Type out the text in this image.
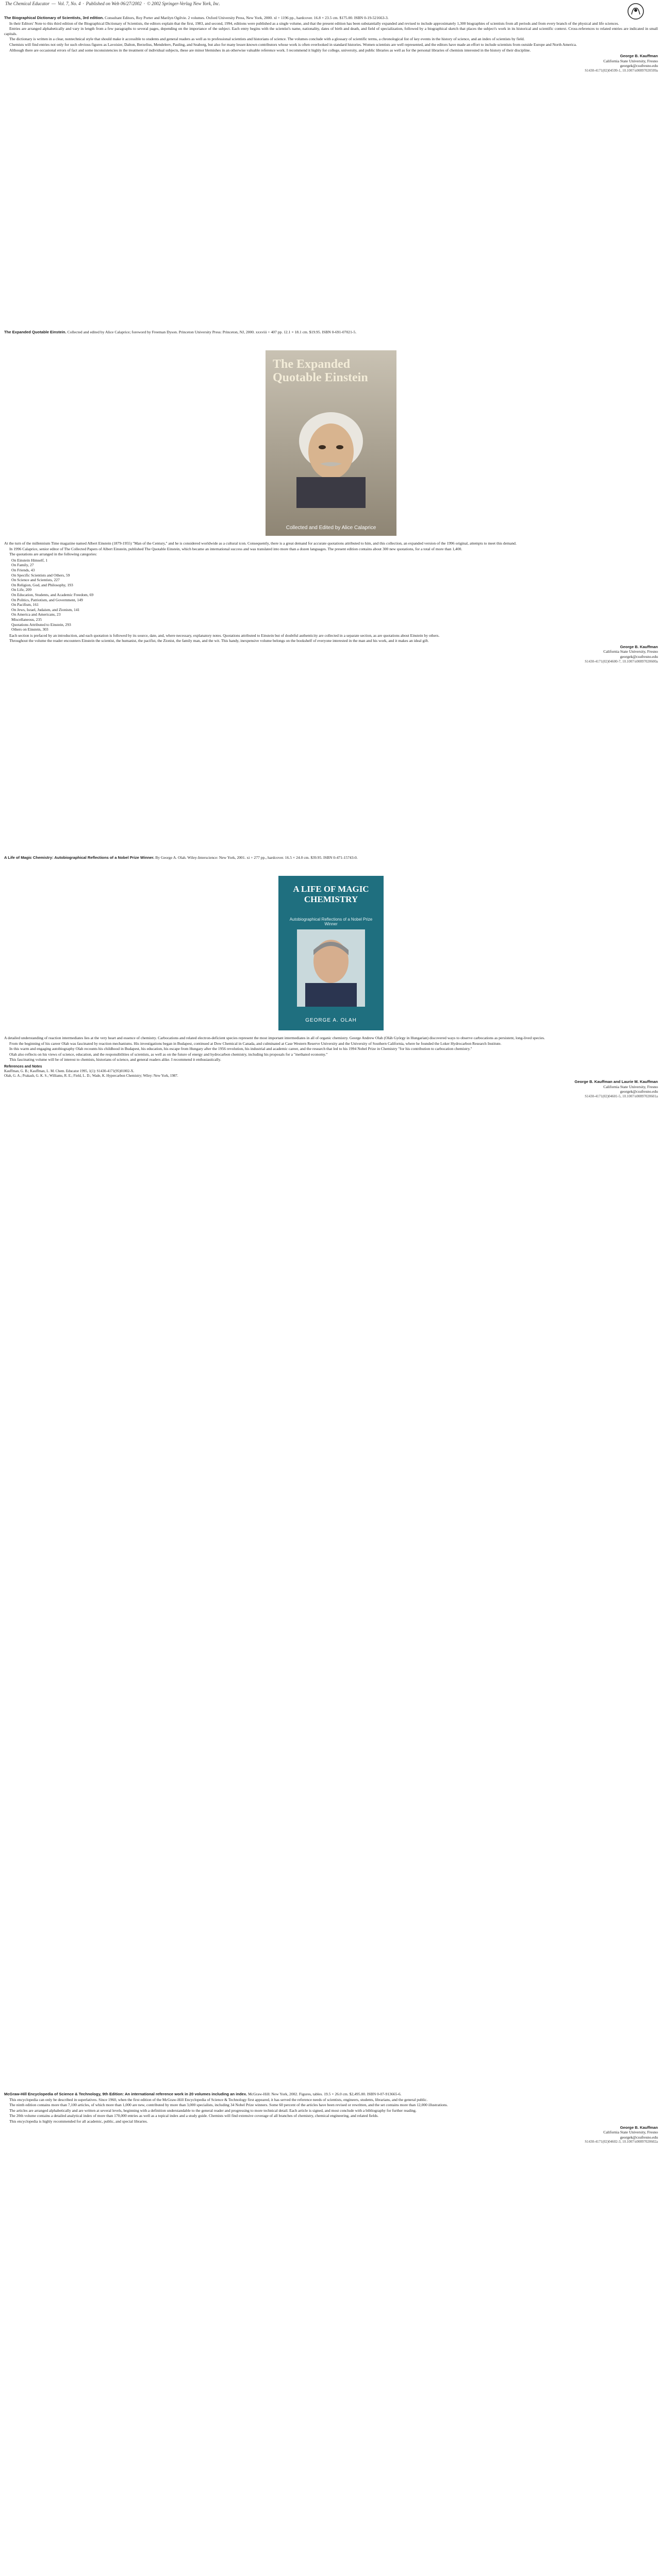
The Chemical Educator — Vol. 7, No. 4 · Published on Web 06/27/2002 · © 2002 Springer-Verlag New York, Inc.

The Biographical Dictionary of Scientists, 3rd edition. Consultant Editors, Roy Porter and Marilyn Ogilvie. 2 volumes. Oxford University Press, New York, 2000. xl + 1196 pp., hardcover. 16.8 × 23.5 cm. $175.00. ISBN 0-19-521663-3.

In their Editors' Note to this third edition of the Biographical Dictionary of Scientists, the editors explain that the first, 1983, and second, 1994, editions were published as a single volume, and that the present edition has been substantially expanded and revised to include approximately 1,300 biographies of scientists from all periods and from every branch of the physical and life sciences.

Entries are arranged alphabetically and vary in length from a few paragraphs to several pages, depending on the importance of the subject. Each entry begins with the scientist's name, nationality, dates of birth and death, and field of specialization, followed by a biographical sketch that places the subject's work in its historical and scientific context. Cross-references to related entries are indicated in small capitals.

The dictionary is written in a clear, nontechnical style that should make it accessible to students and general readers as well as to professional scientists and historians of science. The volumes conclude with a glossary of scientific terms, a chronological list of key events in the history of science, and an index of scientists by field.

Chemists will find entries not only for such obvious figures as Lavoisier, Dalton, Berzelius, Mendeleev, Pauling, and Seaborg, but also for many lesser-known contributors whose work is often overlooked in standard histories. Women scientists are well represented, and the editors have made an effort to include scientists from outside Europe and North America.

Although there are occasional errors of fact and some inconsistencies in the treatment of individual subjects, these are minor blemishes in an otherwise valuable reference work. I recommend it highly for college, university, and public libraries as well as for the personal libraries of chemists interested in the history of their discipline.

George B. Kauffman
California State University, Fresno
georgek@csufresno.edu
S1430-4171(02)04599-1, 10.1007/s00897020599a

The Expanded Quotable Einstein. Collected and edited by Alice Calaprice; foreword by Freeman Dyson. Princeton University Press: Princeton, NJ, 2000. xxxviii + 407 pp. 12.1 × 18.1 cm. $19.95. ISBN 0-691-07021-5.

The Expanded Quotable Einstein
Collected and Edited by Alice Calaprice

At the turn of the millennium Time magazine named Albert Einstein (1879-1955) "Man of the Century," and he is considered worldwide as a cultural icon. Consequently, there is a great demand for accurate quotations attributed to him, and this collection, an expanded version of the 1996 original, attempts to meet this demand.

In 1996 Calaprice, senior editor of The Collected Papers of Albert Einstein, published The Quotable Einstein, which became an international success and was translated into more than a dozen languages. The present edition contains about 300 new quotations, for a total of more than 1,400.

The quotations are arranged in the following categories:

On Einstein Himself, 1
On Family, 27
On Friends, 43
On Specific Scientists and Others, 59
On Science and Scientists, 227
On Religion, God, and Philosophy, 193
On Life, 209
On Education, Students, and Academic Freedom, 69
On Politics, Patriotism, and Government, 149
On Pacifism, 161
On Jews, Israel, Judaism, and Zionism, 141
On America and Americans, 23
Miscellaneous, 235
Quotations Attributed to Einstein, 293
Others on Einstein, 303

Each section is prefaced by an introduction, and each quotation is followed by its source, date, and, where necessary, explanatory notes. Quotations attributed to Einstein but of doubtful authenticity are collected in a separate section, as are quotations about Einstein by others.

Throughout the volume the reader encounters Einstein the scientist, the humanist, the pacifist, the Zionist, the family man, and the wit. This handy, inexpensive volume belongs on the bookshelf of everyone interested in the man and his work, and it makes an ideal gift.

George B. Kauffman
California State University, Fresno
georgek@csufresno.edu
S1430-4171(02)04600-7, 10.1007/s00897020600a

A Life of Magic Chemistry: Autobiographical Reflections of a Nobel Prize Winner. By George A. Olah. Wiley-Interscience: New York, 2001. xi + 277 pp., hardcover. 16.5 × 24.0 cm. $39.95. ISBN 0-471-15743-0.

A LIFE OF MAGIC CHEMISTRY
Autobiographical Reflections of a Nobel Prize Winner
GEORGE A. OLAH

A detailed understanding of reaction intermediates lies at the very heart and essence of chemistry. Carbocations and related electron-deficient species represent the most important intermediates in all of organic chemistry. George Andrew Olah (Oláh György in Hungarian) discovered ways to observe carbocations as persistent, long-lived species.

From the beginning of his career Olah was fascinated by reaction mechanisms. His investigations began in Budapest, continued at Dow Chemical in Canada, and culminated at Case Western Reserve University and the University of Southern California, where he founded the Loker Hydrocarbon Research Institute.

In this warm and engaging autobiography Olah recounts his childhood in Budapest, his education, his escape from Hungary after the 1956 revolution, his industrial and academic career, and the research that led to his 1994 Nobel Prize in Chemistry "for his contribution to carbocation chemistry."

Olah also reflects on his views of science, education, and the responsibilities of scientists, as well as on the future of energy and hydrocarbon chemistry, including his proposals for a "methanol economy."

This fascinating volume will be of interest to chemists, historians of science, and general readers alike. I recommend it enthusiastically.

References and Notes
Kauffman, G. B.; Kauffman, L. M. Chem. Educator 1995, 1(1): S1430-4171(95)01002-X.
Olah, G. A.; Prakash, G. K. S.; Williams, R. E.; Field, L. D.; Wade, K. Hypercarbon Chemistry; Wiley: New York, 1987.
George B. Kauffman and Laurie M. Kauffman
California State University, Fresno
georgek@csufresno.edu
S1430-4171(02)04601-5, 10.1007/s00897020601a

McGraw-Hill Encyclopedia of Science & Technology, 9th Edition: An international reference work in 20 volumes including an index. McGraw-Hill: New York, 2002. Figures, tables. 19.5 × 26.0 cm. $2,495.00. ISBN 0-07-913665-6.

This encyclopedia can only be described in superlatives. Since 1960, when the first edition of the McGraw-Hill Encyclopedia of Science & Technology first appeared, it has served the reference needs of scientists, engineers, students, librarians, and the general public.

The ninth edition contains more than 7,100 articles, of which more than 1,000 are new, contributed by more than 3,000 specialists, including 34 Nobel Prize winners. Some 60 percent of the articles have been revised or rewritten, and the set contains more than 12,000 illustrations.

The articles are arranged alphabetically and are written at several levels, beginning with a definition understandable to the general reader and progressing to more technical detail. Each article is signed, and most conclude with a bibliography for further reading.

The 20th volume contains a detailed analytical index of more than 170,000 entries as well as a topical index and a study guide. Chemists will find extensive coverage of all branches of chemistry, chemical engineering, and related fields.

This encyclopedia is highly recommended for all academic, public, and special libraries.

George B. Kauffman
California State University, Fresno
georgek@csufresno.edu
S1430-4171(02)04602-3, 10.1007/s00897020602a
